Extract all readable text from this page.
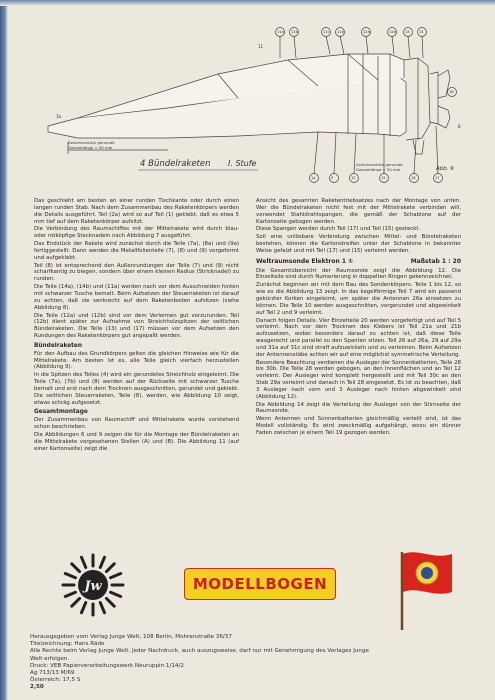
Zwischenstück gerundet
Gesamtlänge = 90 mm
4 Bündelraketen I. Stufe	Zwischenstück gerundet
Gesamtlänge = 30 mm	Abb. 9
11a 11b	11c 11d	12a	12b	13	14
18
1a	9	10	15	16	17
1b
11
8

Das geschieht am besten an einer runden Tischkante oder durch einen langen runden Stab. Nach dem Zusammenbau des Raketenkörpers werden die Details ausgeführt. Teil (2a) wird so auf Teil (1) geklebt, daß es etwa 5 mm tief auf dem Raketenkörper aufsitzt.

Die Verbindung des Raumschiffes mit der Mittelrakete wird durch blau- oder rotköpfige Stecknadeln nach Abbildung 7 ausgeführt.

Das Endstück der Rakete wird zunächst durch die Teile (7a), (8a) und (9a) fertiggestellt. Dann werden die Metallfolienteile (7), (8) und (9) vorgeformt und aufgeklebt.

Teil (8) ist entsprechend den Außenrundungen der Teile (7) und (9) nicht scharfkantig zu biegen, sondern über einem kleinen Radius (Stricknadel) zu runden.

Die Teile (14a), (14b) und (11a) werden nach vor dem Ausschneiden hinten mit schwarzer Tusche bemalt. Beim Aufsetzen der Steuerraketen ist darauf zu achten, daß sie senkrecht auf dem Raketenboden aufsitzen (siehe Abbildung 8).

Die Teile (12a) und (12b) sind vor dem Verleimen gut vorzurunden. Teil (12b) dient später zur Aufnahme von Streichholzspitzen der seitlichen Bündelraketen. Die Teile (13) und (17) müssen vor dem Aufsetzen den Rundungen des Raketenkörpers gut angepaßt werden.

Bündelraketen

Für den Aufbau des Grundkörpers gelten die gleichen Hinweise wie für die Mittelrakete. Am besten ist es, alle Teile gleich vierfach herzustellen (Abbildung 9).

In die Spitzen des Teiles (4) wird ein gerundetes Streichholz eingeleimt. Die Teile (7a), (7b) und (8) werden auf der Rückseite mit schwarzer Tusche bemalt und erst nach dem Trocknen ausgeschnitten, gerundet und geklebt. Die seitlichen Steuerraketen, Teile (8), werden, wie Abbildung 10 zeigt, etwas schräg aufgesetzt.

Gesamtmontage

Der Zusammenbau von Raumschiff und Mittelrakete wurde vorstehend schon beschrieben.

Die Abbildungen 6 und 9 zeigen die für die Montage der Bündelraketen an die Mittelrakete vorgesehenen Stellen (A) und (B). Die Abbildung 11 (auf einer Kartonseite) zeigt die

Ansicht des gesamten Raketentriebsatzes nach der Montage von unten. Wer die Bündelraketen nicht fest mit der Mittelrakete verbinden will, verwendet Stahldrahtspangen, die gemäß der Schablone auf der Kartonseite gebogen werden.

Diese Spangen werden durch Teil (17) und Teil (15) gesteckt.

Soll eine unlösbare Verbindung zwischen Mittel- und Bündelraketen bestehen, können die Kartonstreifen unter der Schablone in bekannter Weise gefalzt und mit Teil (17) und (15) verleimt werden.

Weltraumsonde Elektron 1 ①	Maßstab 1 : 20

Die Gesamtübersicht der Raumsonde zeigt die Abbildung 12. Die Einzelteile sind durch Numerierung in doppelten Ringen gekennzeichnet.

Zunächst beginnen wir mit dem Bau des Sondenkörpers. Teile 1 bis 12, so wie es die Abbildung 13 zeigt. In das kegelförmige Teil 7 wird ein passend gekürzter Korken eingeleimt, um später die Antennen 26a einsetzen zu können. Die Teile 10 werden ausgeschnitten, vorgerundet und abgewinkelt auf Teil 2 und 9 verleimt.

Danach folgen Details. Vier Einzelteile 20 werden vorgefertigt und auf Teil 5 verleimt. Nach vor dem Trocknen des Klebers ist Teil 21a und 21b aufzusetzen, wobei besonders darauf zu achten ist, daß diese Teile waagerecht und parallel zu den Spanten sitzen. Teil 26 auf 26a, 29 auf 29a und 31a auf 31c sind straff aufzuwickeln und zu verleimen. Beim Aufsetzen der Antennenstäbe achten wir auf eine möglichst symmetrische Verteilung.

Besondere Beachtung verdienen die Ausleger der Sonnenbatterien, Teile 28 bis 30b. Die Teile 28 werden gebogen, an den Innenflächen und an Teil 12 verleimt. Der Ausleger wird komplett hergestellt und mit Teil 30c an den Stab 29a verleimt und danach in Teil 28 eingesetzt. Es ist zu beachten, daß 3 Ausleger nach vorn und 3 Ausleger nach hinten abgewinkelt sind (Abbildung 12).

Die Abbildung 14 zeigt die Verteilung der Ausleger von der Stirnseite der Raumsonde.

Wenn Antennen und Sonnenbatterien gleichmäßig verteilt sind, ist das Modell vollständig. Es wird zweckmäßig aufgehängt, wozu ein dünner Faden zwischen je einem Teil 19 gezogen werden.

Jw	MODELLBOGEN
Herausgegeben vom Verlag Junge Welt, 108 Berlin, Mohrenstraße 36/37
Titelzeichnung: Hans Räde
Alle Rechte beim Verlag Junge Welt. Jeder Nachdruck, auch auszugsweise, darf nur mit Genehmigung des Verlages Junge
Welt erfolgen.
Druck: VEB Papierverarbeitungswerk Neuruppin 1/14/2
Ag 713/13 M/69
Österreich: 17,5 S
2,50
